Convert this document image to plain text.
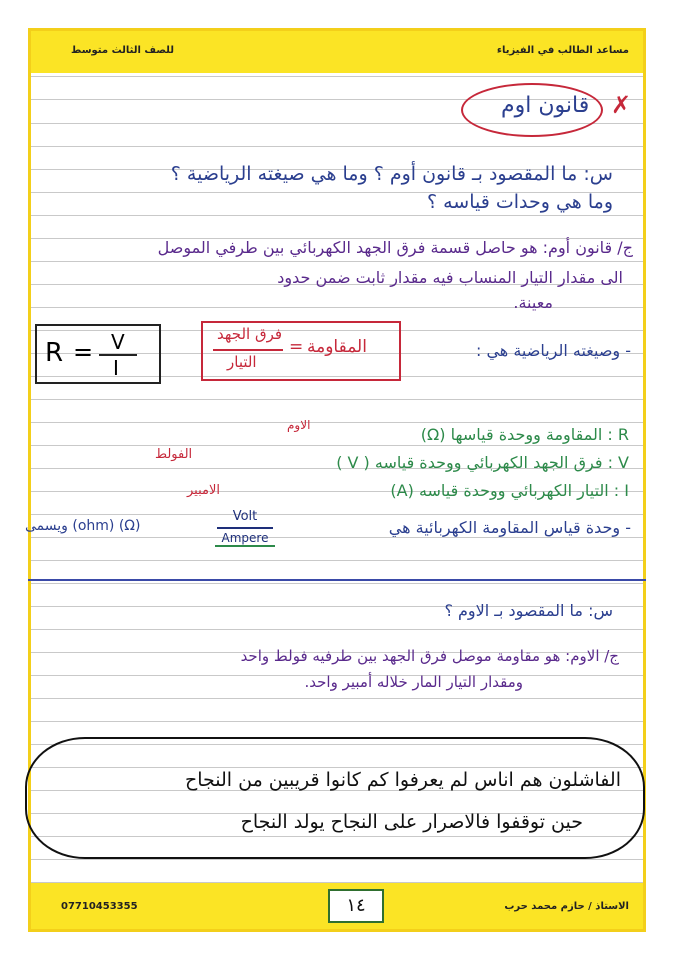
مساعد الطالب في الفيزياء
للصف الثالث متوسط
قانون اوم ✗
س: ما المقصود بـ قانون أوم ؟ وما هي صيغته الرياضية ؟
وما هي وحدات قياسه ؟
ج/ قانون أوم: هو حاصل قسمة فرق الجهد الكهربائي بين طرفي الموصل
الى مقدار التيار المنساب فيه مقدار ثابت ضمن حدود
معينة.
R = V
I
المقاومة
=
فرق الجهد
التيار
- وصيغته الرياضية هي :
R : المقاومة ووحدة قياسها (Ω)
الاوم
V : فرق الجهد الكهربائي ووحدة قياسه ( V )
الفولط
I : التيار الكهربائي ووحدة قياسه (A)
الامبير
- وحدة قياس المقاومة الكهربائية هي
Volt
Ampere
ويسمى (ohm) (Ω)
س: ما المقصود بـ الاوم ؟
ج/ الاوم: هو مقاومة موصل فرق الجهد بين طرفيه فولط واحد
ومقدار التيار المار خلاله أمبير واحد.
الفاشلون هم اناس لم يعرفوا كم كانوا قريبين من النجاح
حين توقفوا فالاصرار على النجاح يولد النجاح
07710453355	١٤	الاستاذ / حازم محمد حرب
